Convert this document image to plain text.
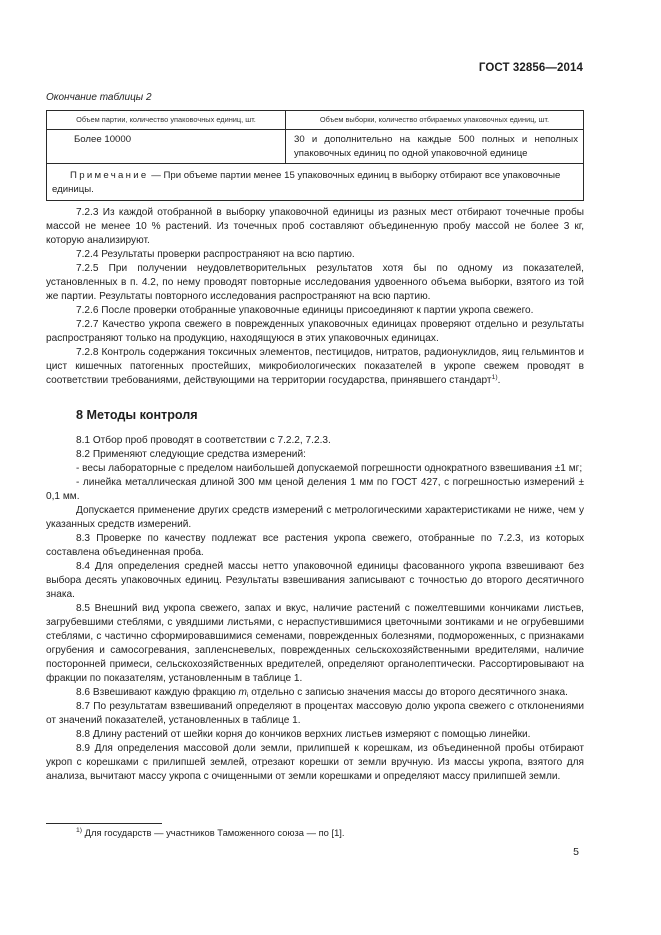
ГОСТ 32856—2014
Окончание таблицы 2
Объем партии, количество упаковочных единиц, шт.	Объем выборки, количество отбираемых упаковочных единиц, шт.

Более 10000	30 и дополнительно на каждые 500 полных и неполных упаковочных единиц по одной упаковочной единице
Примечание — При объеме партии менее 15 упаковочных единиц в выборку отбирают все упаковочные единицы.	

7.2.3 Из каждой отобранной в выборку упаковочной единицы из разных мест отбирают точечные пробы массой не менее 10 % растений. Из точечных проб составляют объединенную пробу массой не более 3 кг, которую анализируют.

7.2.4 Результаты проверки распространяют на всю партию.

7.2.5 При получении неудовлетворительных результатов хотя бы по одному из показателей, установленных в п. 4.2, по нему проводят повторные исследования удвоенного объема выборки, взятого из той же партии. Результаты повторного исследования распространяют на всю партию.

7.2.6 После проверки отобранные упаковочные единицы присоединяют к партии укропа свежего.

7.2.7 Качество укропа свежего в поврежденных упаковочных единицах проверяют отдельно и результаты распространяют только на продукцию, находящуюся в этих упаковочных единицах.

7.2.8 Контроль содержания токсичных элементов, пестицидов, нитратов, радионуклидов, яиц гельминтов и цист кишечных патогенных простейших, микробиологических показателей в укропе свежем проводят в соответствии требованиями, действующими на территории государства, принявшего стандарт$^{1)}$.

8 Методы контроля

8.1 Отбор проб проводят в соответствии с 7.2.2, 7.2.3.

8.2 Применяют следующие средства измерений:

- весы лабораторные с пределом наибольшей допускаемой погрешности однократного взвешивания ±1 мг;

- линейка металлическая длиной 300 мм ценой деления 1 мм по ГОСТ 427, с погрешностью измерений ± 0,1 мм.

Допускается применение других средств измерений с метрологическими характеристиками не ниже, чем у указанных средств измерений.

8.3 Проверке по качеству подлежат все растения укропа свежего, отобранные по 7.2.3, из которых составлена объединенная проба.

8.4 Для определения средней массы нетто упаковочной единицы фасованного укропа взвешивают без выбора десять упаковочных единиц. Результаты взвешивания записывают с точностью до второго десятичного знака.

8.5 Внешний вид укропа свежего, запах и вкус, наличие растений с пожелтевшими кончиками листьев, загрубевшими стеблями, с увядшими листьями, с нераспустившимися цветочными зонтиками и не огрубевшими стеблями, с частично сформировавшимися семенами, поврежденных болезнями, подмороженных, с признаками огрубения и самосогревания, запленсневелых, поврежденных сельскохозяйственными вредителями, наличие посторонней примеси, сельскохозяйственных вредителей, определяют органолептически. Рассортировывают на фракции по показателям, установленным в таблице 1.

8.6 Взвешивают каждую фракцию $m_i$ отдельно с записью значения массы до второго десятичного знака.

8.7 По результатам взвешиваний определяют в процентах массовую долю укропа свежего с отклонениями от значений показателей, установленных в таблице 1.

8.8 Длину растений от шейки корня до кончиков верхних листьев измеряют с помощью линейки.

8.9 Для определения массовой доли земли, прилипшей к корешкам, из объединенной пробы отбирают укроп с корешками с прилипшей землей, отрезают корешки от земли вручную. Из массы укропа, взятого для анализа, вычитают массу укропа с очищенными от земли корешками и определяют массу прилипшей земли.

$^{1)}$ Для государств — участников Таможенного союза — по [1].
5
